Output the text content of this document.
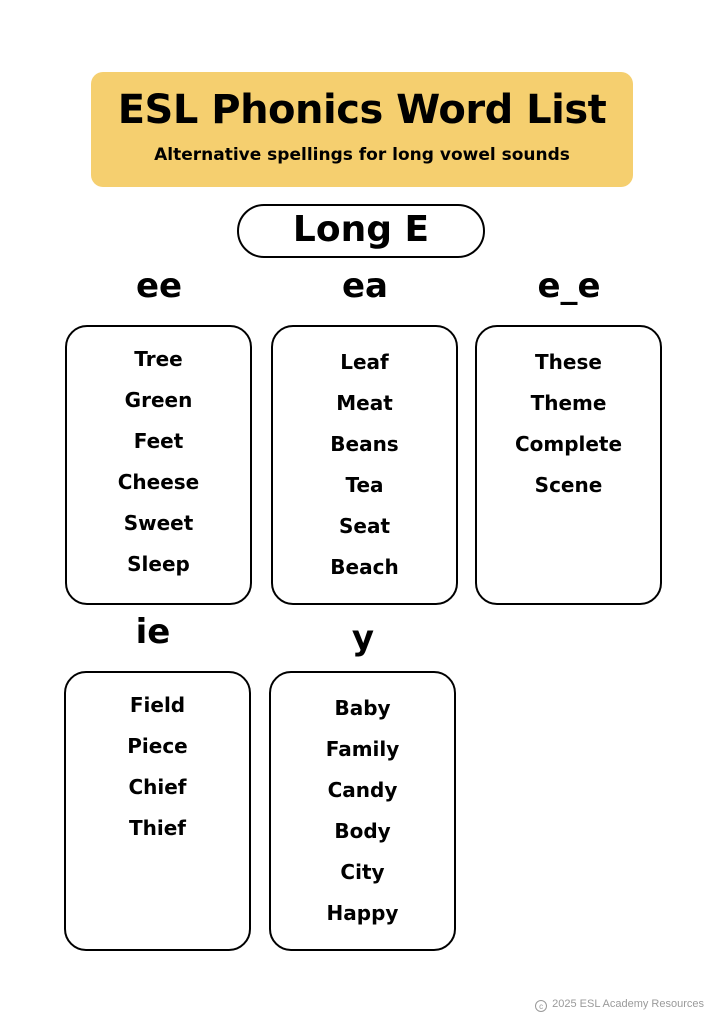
ESL Phonics Word List
Alternative spellings for long vowel sounds
Long E
ee
Tree
Green
Feet
Cheese
Sweet
Sleep
ea
Leaf
Meat
Beans
Tea
Seat
Beach
e_e
These
Theme
Complete
Scene
ie
Field
Piece
Chief
Thief
y
Baby
Family
Candy
Body
City
Happy
c 2025 ESL Academy Resources
